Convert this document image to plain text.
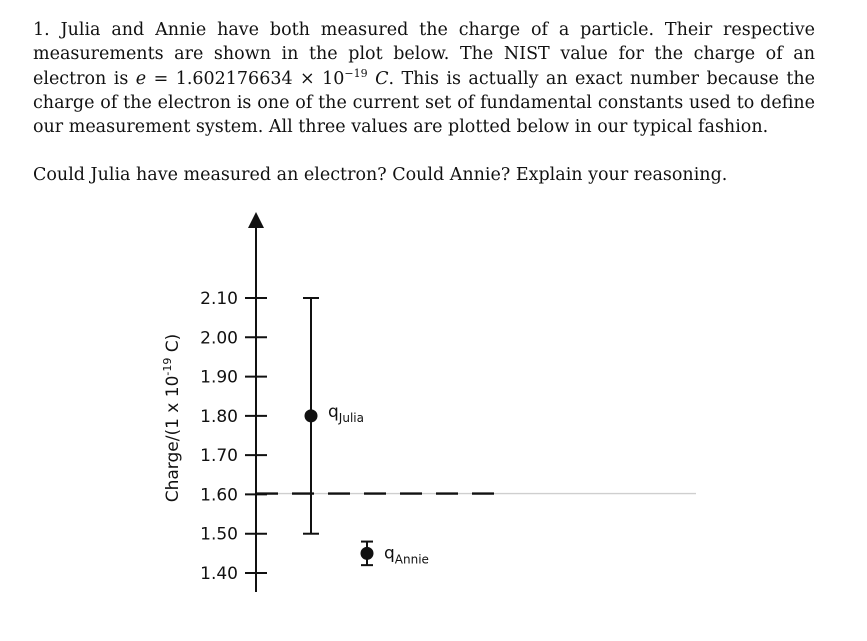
1. Julia and Annie have both measured the charge of a particle. Their respective measurements are shown in the plot below. The NIST value for the charge of an electron is $e = 1.602176634 \times 10^{-19}$ C. This is actually an exact number because the charge of the electron is one of the current set of fundamental constants used to define our measurement system. All three values are plotted below in our typical fashion.

Could Julia have measured an electron? Could Annie? Explain your reasoning.

2.10
2.00
1.90
1.80
1.70
1.60
1.50
1.40
$q_{Julia}$
$q_{Annie}$
Charge/(1 x $10^{-19}$ C)
